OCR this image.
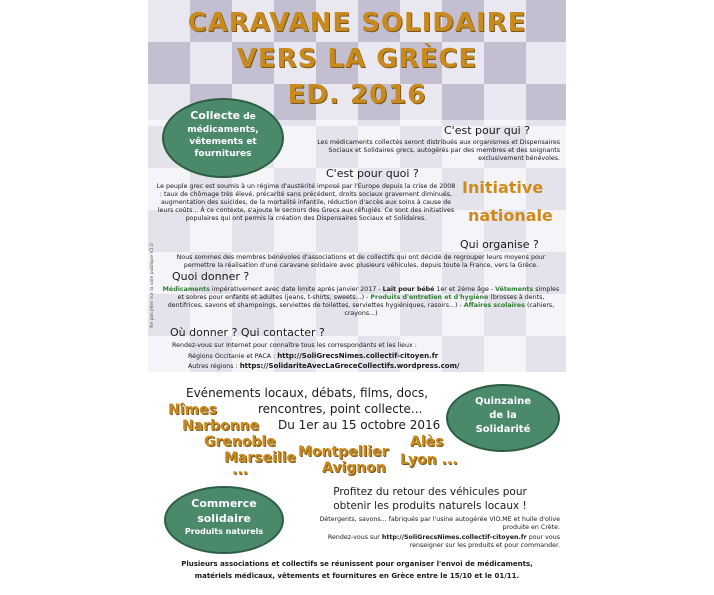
CARAVANE SOLIDAIRE
VERS LA GRÈCE
ED. 2016
Ne pas jeter sur la voie publique V2.0
Collecte de
médicaments,
vêtements et
fournitures
C'est pour qui ?
Les médicaments collectés seront distribués aux organismes et Dispensaires Sociaux et Solidaires grecs, autogérés par des membres et des soignants exclusivement bénévoles.
C'est pour quoi ?
Le peuple grec est soumis à un régime d'austérité imposé par l'Europe depuis la crise de 2008 : taux de chômage très élevé, précarité sans précédent, droits sociaux gravement diminués, augmentation des suicides, de la mortalité infantile, réduction d'accès aux soins à cause de leurs coûts... À ce contexte, s'ajoute le secours des Grecs aux réfugiés. Ce sont des initiatives populaires qui ont permis la création des Dispensaires Sociaux et Solidaires.
Initiative
nationale
Qui organise ?
Nous sommes des membres bénévoles d'associations et de collectifs qui ont décidé de regrouper leurs moyens pour permettre la réalisation d'une caravane solidaire avec plusieurs véhicules, depuis toute la France, vers la Grèce.
Quoi donner ?
Médicaments impérativement avec date limite après janvier 2017 - Lait pour bébé 1er et 2ème âge - Vêtements simples et sobres pour enfants et adultes (jeans, t-shirts, sweets...) - Produits d'entretien et d'hygiène (brosses à dents, dentifrices, savons et shampoings, serviettes de toilettes, serviettes hygiéniques, rasoirs...) - Affaires scolaires (cahiers, crayons...)
Où donner ? Qui contacter ?
Rendez-vous sur Internet pour connaître tous les correspondants et les lieux :
Régions Occitanie et PACA : http://SoliGrecsNimes.collectif-citoyen.fr
Autres régions : https://SolidariteAvecLaGreceCollectifs.wordpress.com/
Evénements locaux, débats, films, docs,
rencontres, point collecte...
Du 1er au 15 octobre 2016
Nîmes
Narbonne
Grenoble
Marseille Montpellier
Alès
Avignon Lyon ...
...
Quinzaine
de la
Solidarité
Commerce
solidaire
Produits naturels
Profitez du retour des véhicules pour
obtenir les produits naturels locaux !
Détergents, savons... fabriqués par l'usine autogérée VIO.ME et huile d'olive produite en Crète.
Rendez-vous sur http://SoliGrecsNimes.collectif-citoyen.fr pour vous renseigner sur les produits et pour commander.
Plusieurs associations et collectifs se réunissent pour organiser l'envoi de médicaments,
matériels médicaux, vêtements et fournitures en Grèce entre le 15/10 et le 01/11.
